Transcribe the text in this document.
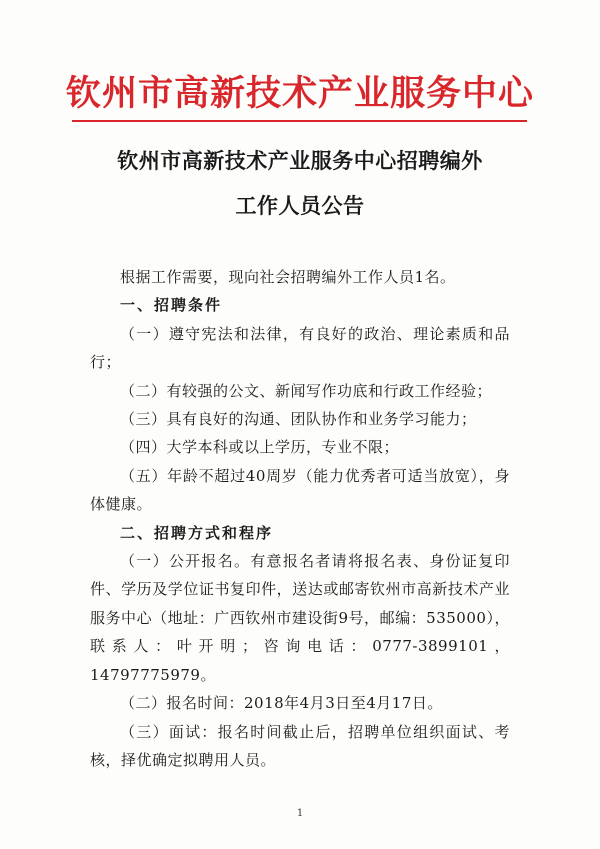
钦州市高新技术产业服务中心
钦州市高新技术产业服务中心招聘编外
工作人员公告

根据工作需要，现向社会招聘编外工作人员1名。

一、招聘条件

（一）遵守宪法和法律，有良好的政治、理论素质和品行；

（二）有较强的公文、新闻写作功底和行政工作经验；

（三）具有良好的沟通、团队协作和业务学习能力；

（四）大学本科或以上学历，专业不限；

（五）年龄不超过40周岁（能力优秀者可适当放宽），身体健康。

二、招聘方式和程序

（一）公开报名。有意报名者请将报名表、身份证复印件、学历及学位证书复印件，送达或邮寄钦州市高新技术产业服务中心（地址：广西钦州市建设街9号，邮编：535000），联系人：叶开明；咨询电话：0777-3899101，14797775979。

（二）报名时间：2018年4月3日至4月17日。

（三）面试：报名时间截止后，招聘单位组织面试、考核，择优确定拟聘用人员。

1
